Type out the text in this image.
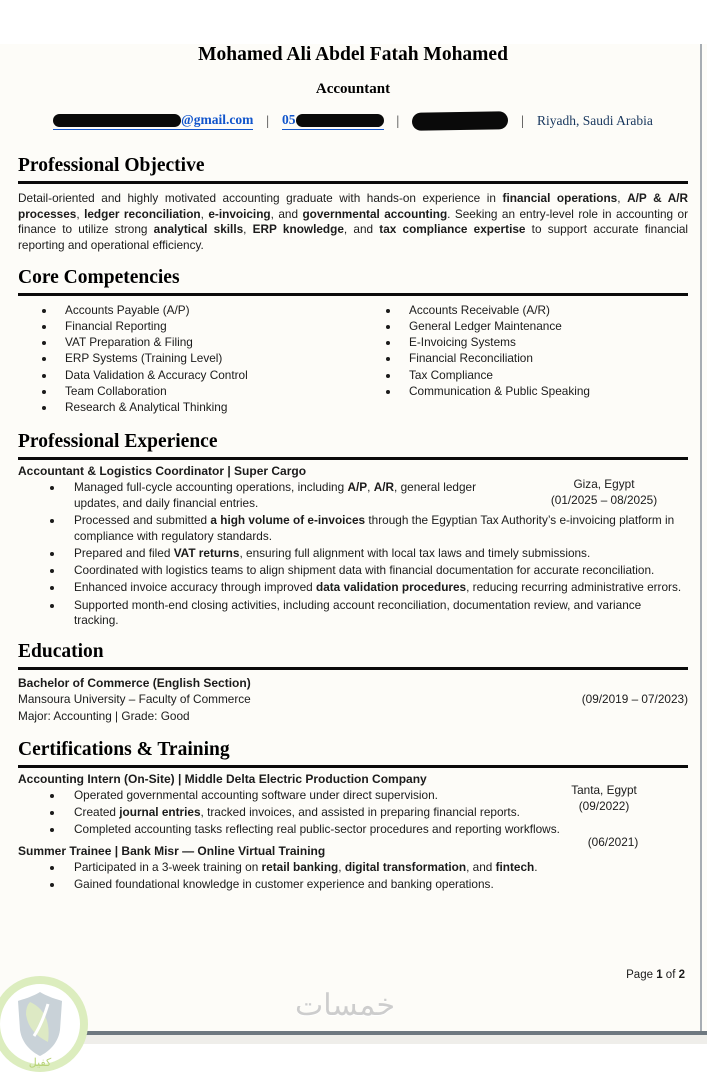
Mohamed Ali Abdel Fatah Mohamed
Accountant
@gmail.com | 05	|	| Riyadh, Saudi Arabia
Professional Objective

Detail-oriented and highly motivated accounting graduate with hands-on experience in financial operations, A/P & A/R processes, ledger reconciliation, e-invoicing, and governmental accounting. Seeking an entry-level role in accounting or finance to utilize strong analytical skills, ERP knowledge, and tax compliance expertise to support accurate financial reporting and operational efficiency.

Core Competencies
• Accounts Payable (A/P)
• Financial Reporting
• VAT Preparation & Filing
• ERP Systems (Training Level)
• Data Validation & Accuracy Control
• Team Collaboration
• Research & Analytical Thinking
• Accounts Receivable (A/R)
• General Ledger Maintenance
• E-Invoicing Systems
• Financial Reconciliation
• Tax Compliance
• Communication & Public Speaking
Professional Experience
Giza, Egypt
(01/2025 – 08/2025)
Accountant & Logistics Coordinator | Super Cargo
• Managed full-cycle accounting operations, including A/P, A/R, general ledger updates, and daily financial entries.
• Processed and submitted a high volume of e-invoices through the Egyptian Tax Authority’s e-invoicing platform in compliance with regulatory standards.
• Prepared and filed VAT returns, ensuring full alignment with local tax laws and timely submissions.
• Coordinated with logistics teams to align shipment data with financial documentation for accurate reconciliation.
• Enhanced invoice accuracy through improved data validation procedures, reducing recurring administrative errors.
• Supported month-end closing activities, including account reconciliation, documentation review, and variance tracking.
Education
(09/2019 – 07/2023)
Bachelor of Commerce (English Section)
Mansoura University – Faculty of Commerce
Major: Accounting | Grade: Good
Certifications & Training
Tanta, Egypt
(09/2022)
Accounting Intern (On-Site) | Middle Delta Electric Production Company
• Operated governmental accounting software under direct supervision.
• Created journal entries, tracked invoices, and assisted in preparing financial reports.
• Completed accounting tasks reflecting real public-sector procedures and reporting workflows.
(06/2021)
Summer Trainee | Bank Misr — Online Virtual Training
• Participated in a 3-week training on retail banking, digital transformation, and fintech.
• Gained foundational knowledge in customer experience and banking operations.
Page 1 of 2
خمسات
كفيل
